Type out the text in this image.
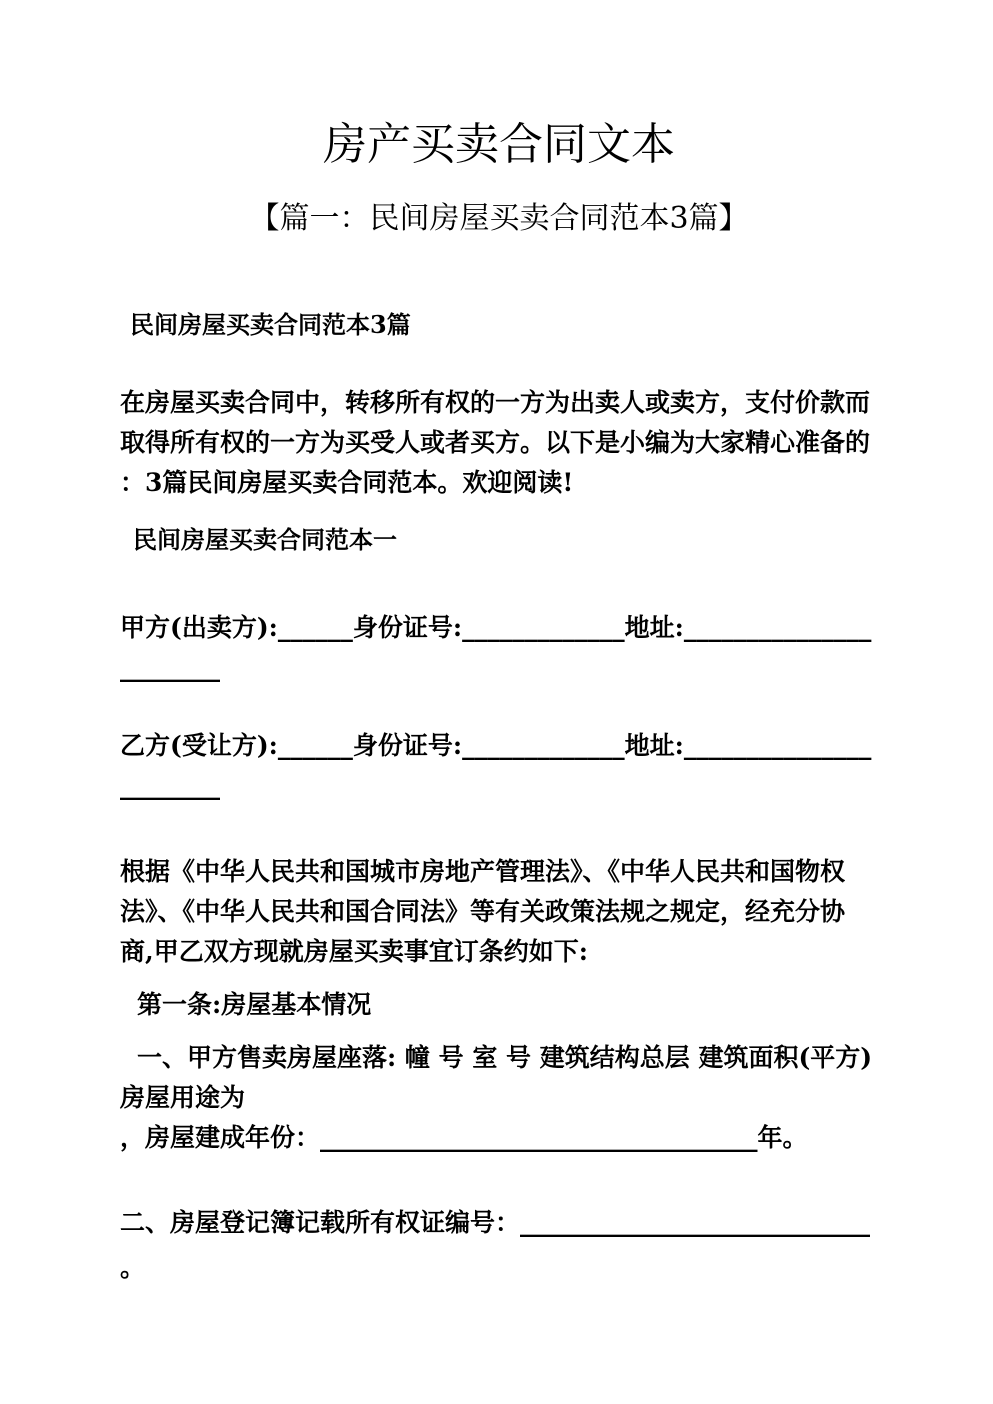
房产买卖合同文本
【篇一：民间房屋买卖合同范本3篇】
民间房屋买卖合同范本3篇
在房屋买卖合同中，转移所有权的一方为出卖人或卖方，支付价款而
取得所有权的一方为买受人或者买方。以下是小编为大家精心准备的
：3篇民间房屋买卖合同范本。欢迎阅读!
民间房屋买卖合同范本一
甲方(出卖方):______身份证号:_____________地址:_______________
________
乙方(受让方):______身份证号:_____________地址:_______________
________
根据《中华人民共和国城市房地产管理法》、《中华人民共和国物权
法》、《中华人民共和国合同法》等有关政策法规之规定，经充分协
商,甲乙双方现就房屋买卖事宜订条约如下:
第一条:房屋基本情况
一、甲方售卖房屋座落: 幢 号 室 号 建筑结构总层 建筑面积(平方)
房屋用途为
，房屋建成年份：___________________________________年。
二、房屋登记簿记载所有权证编号：____________________________
。
